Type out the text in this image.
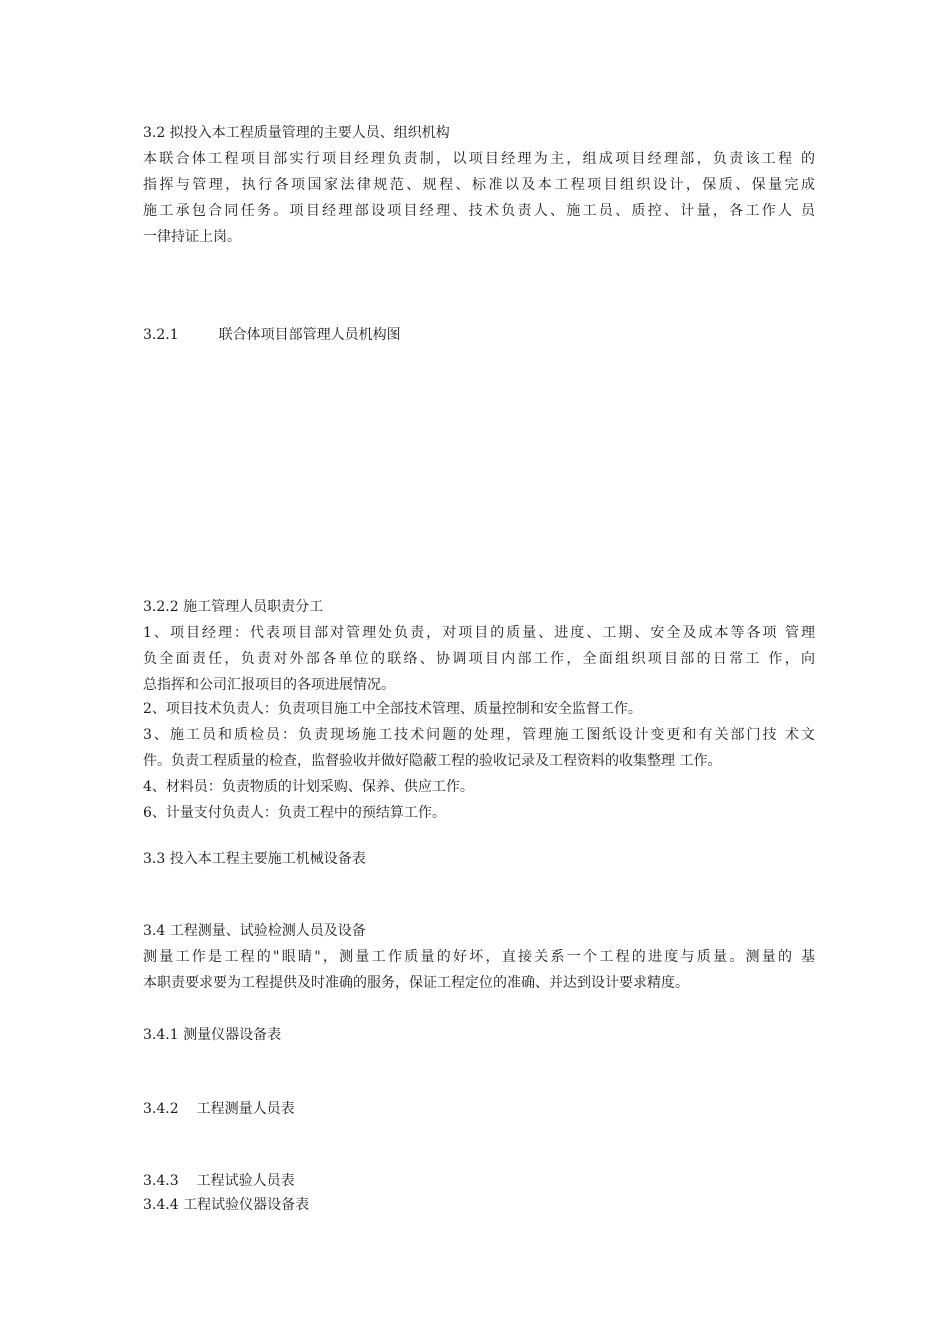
3.2 拟投入本工程质量管理的主要人员、组织机构

本联合体工程项目部实行项目经理负责制，以项目经理为主，组成项目经理部，负责该工程 的

指挥与管理，执行各项国家法律规范、规程、标准以及本工程项目组织设计，保质、保量完成

施工承包合同任务。项目经理部设项目经理、技术负责人、施工员、质控、计量，各工作人 员

一律持证上岗。

3.2.1	联合体项目部管理人员机构图

3.2.2 施工管理人员职责分工

1、项目经理：代表项目部对管理处负责，对项目的质量、进度、工期、安全及成本等各项 管理

负全面责任，负责对外部各单位的联络、协调项目内部工作，全面组织项目部的日常工 作，向

总指挥和公司汇报项目的各项进展情况。

2、项目技术负责人：负责项目施工中全部技术管理、质量控制和安全监督工作。

3、施工员和质检员：负责现场施工技术问题的处理，管理施工图纸设计变更和有关部门技 术文

件。负责工程质量的检查，监督验收并做好隐蔽工程的验收记录及工程资料的收集整理 工作。

4、材料员：负责物质的计划采购、保养、供应工作。

6、计量支付负责人：负责工程中的预结算工作。

3.3 投入本工程主要施工机械设备表

3.4 工程测量、试验检测人员及设备

测量工作是工程的"眼睛"，测量工作质量的好坏，直接关系一个工程的进度与质量。测量的 基

本职责要求要为工程提供及时准确的服务，保证工程定位的准确、并达到设计要求精度。

3.4.1 测量仪器设备表

3.4.2 工程测量人员表

3.4.3 工程试验人员表

3.4.4 工程试验仪器设备表
